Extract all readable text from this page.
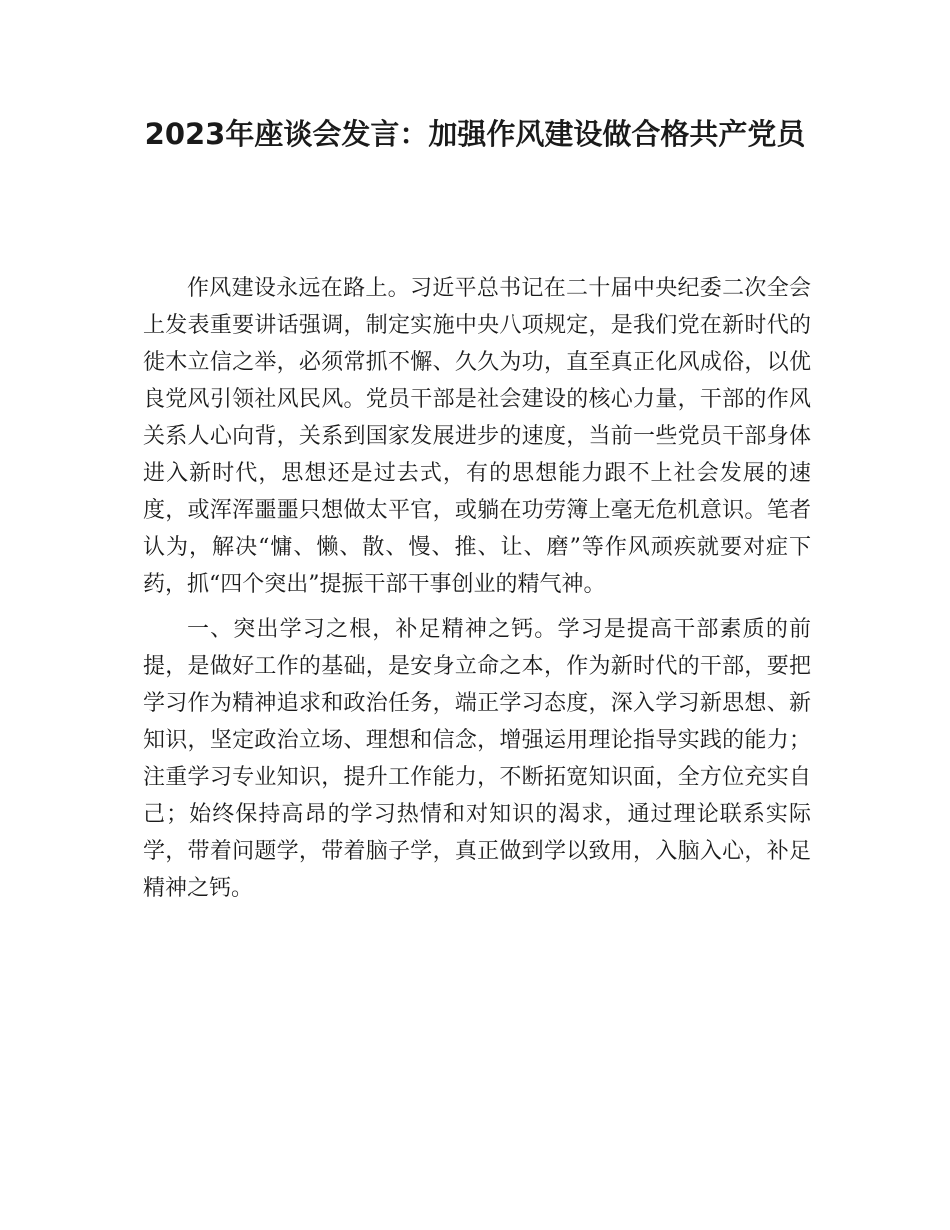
2023年座谈会发言：加强作风建设做合格共产党员

作风建设永远在路上。习近平总书记在二十届中央纪委二次全会上发表重要讲话强调，制定实施中央八项规定，是我们党在新时代的徙木立信之举，必须常抓不懈、久久为功，直至真正化风成俗，以优良党风引领社风民风。党员干部是社会建设的核心力量，干部的作风关系人心向背，关系到国家发展进步的速度，当前一些党员干部身体进入新时代，思想还是过去式，有的思想能力跟不上社会发展的速度，或浑浑噩噩只想做太平官，或躺在功劳簿上毫无危机意识。笔者认为，解决“慵、懒、散、慢、推、让、磨”等作风顽疾就要对症下药，抓“四个突出”提振干部干事创业的精气神。

一、突出学习之根，补足精神之钙。学习是提高干部素质的前提，是做好工作的基础，是安身立命之本，作为新时代的干部，要把学习作为精神追求和政治任务，端正学习态度，深入学习新思想、新知识，坚定政治立场、理想和信念，增强运用理论指导实践的能力；注重学习专业知识，提升工作能力，不断拓宽知识面，全方位充实自己；始终保持高昂的学习热情和对知识的渴求，通过理论联系实际学，带着问题学，带着脑子学，真正做到学以致用，入脑入心，补足精神之钙。
